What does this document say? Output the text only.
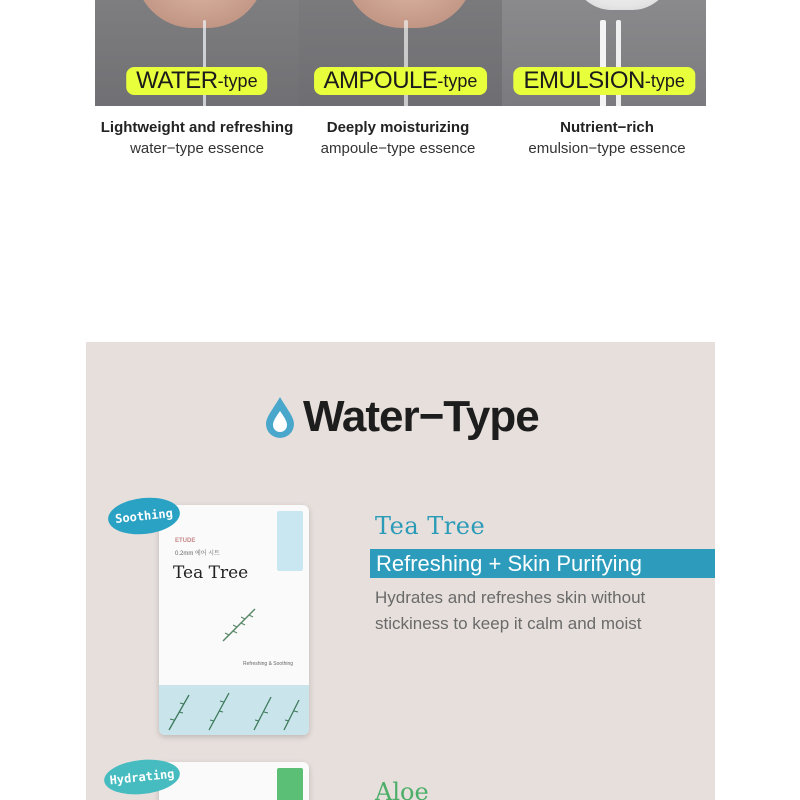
WATER -type	AMPOULE -type EMULSION -type
Lightweight and refreshing
water−type essence
Deeply moisturizing
ampoule−type essence
Nutrient−rich
emulsion−type essence
Water−Type
ETUDE
0.2mm 에어 시트
Tea Tree
Refreshing & Soothing
Soothing	Tea Tree
Refreshing + Skin Purifying
Hydrates and refreshes skin without
stickiness to keep it calm and moist
Hydrating
Aloe
